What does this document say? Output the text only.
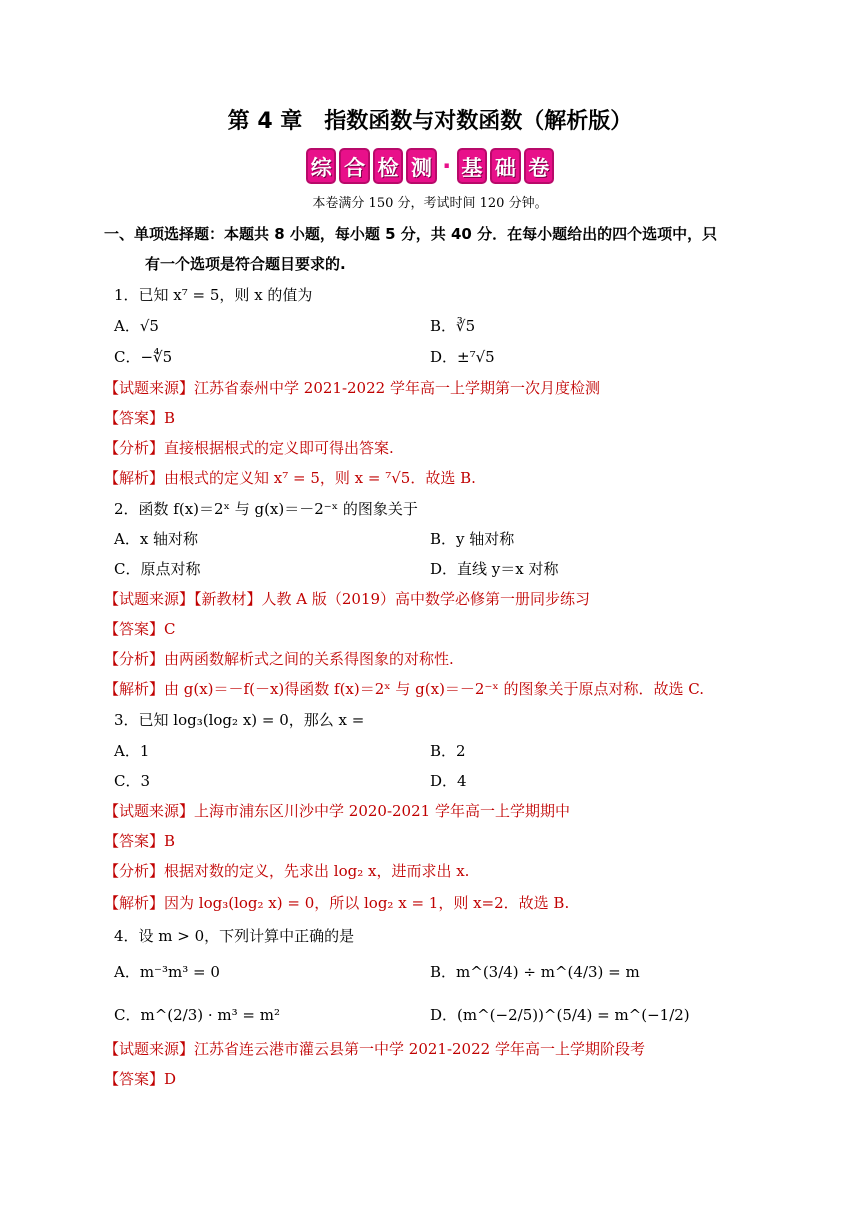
第 4 章　指数函数与对数函数（解析版）
综 合 检 测 · 基 础 卷
本卷满分 150 分，考试时间 120 分钟。
一、单项选择题：本题共 8 小题，每小题 5 分，共 40 分．在每小题给出的四个选项中，只
有一个选项是符合题目要求的.
1．已知 x⁷ = 5，则 x 的值为
A．√5	B．∛5
C．−∜5	D．±⁷√5
【试题来源】江苏省泰州中学 2021-2022 学年高一上学期第一次月度检测
【答案】B
【分析】直接根据根式的定义即可得出答案.
【解析】由根式的定义知 x⁷ = 5，则 x = ⁷√5．故选 B.
2．函数 f(x)＝2ˣ 与 g(x)＝－2⁻ˣ 的图象关于
A．x 轴对称	B．y 轴对称
C．原点对称	D．直线 y＝x 对称
【试题来源】【新教材】人教 A 版（2019）高中数学必修第一册同步练习
【答案】C
【分析】由两函数解析式之间的关系得图象的对称性.
【解析】由 g(x)＝－f(－x)得函数 f(x)＝2ˣ 与 g(x)＝－2⁻ˣ 的图象关于原点对称．故选 C.
3．已知 log₃(log₂ x) = 0，那么 x =
A．1	B．2
C．3	D．4
【试题来源】上海市浦东区川沙中学 2020-2021 学年高一上学期期中
【答案】B
【分析】根据对数的定义，先求出 log₂ x，进而求出 x.
【解析】因为 log₃(log₂ x) = 0，所以 log₂ x = 1，则 x=2．故选 B.
4．设 m > 0，下列计算中正确的是
A．m⁻³m³ = 0	B．m^(3/4) ÷ m^(4/3) = m
C．m^(2/3) · m³ = m²	D．(m^(−2/5))^(5/4) = m^(−1/2)
【试题来源】江苏省连云港市灌云县第一中学 2021-2022 学年高一上学期阶段考
【答案】D
